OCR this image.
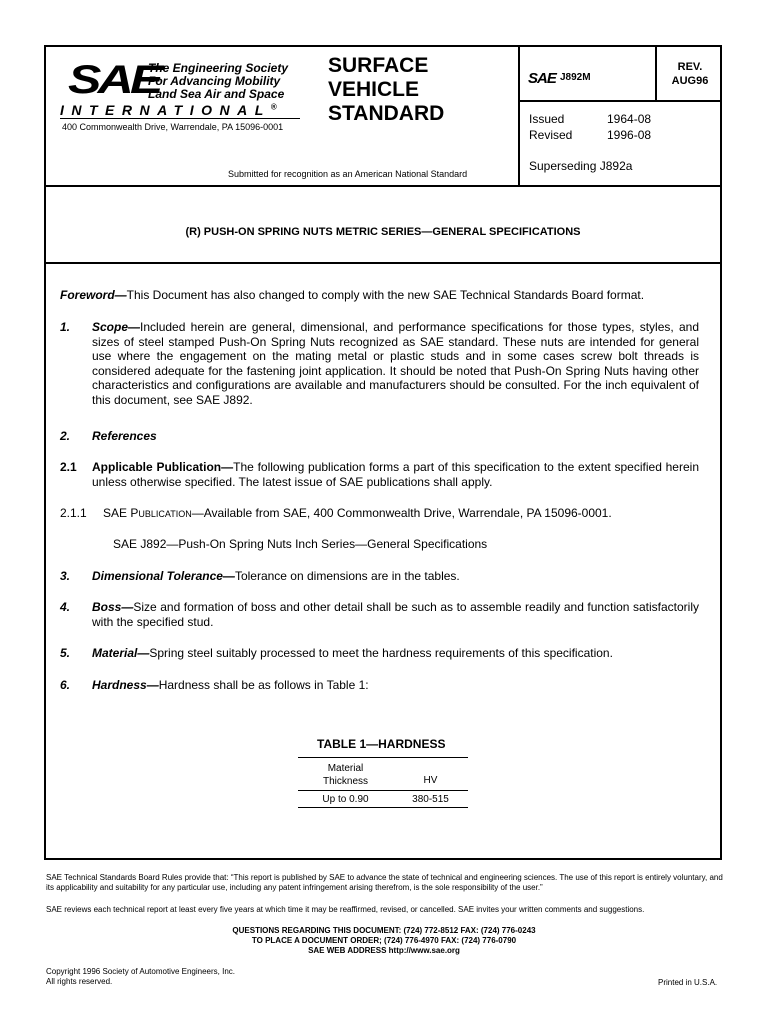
SAE
The Engineering Society
For Advancing Mobility
Land Sea Air and Space
INTERNATIONAL®
400 Commonwealth Drive, Warrendale, PA 15096-0001
SURFACE
VEHICLE
STANDARD
Submitted for recognition as an American National Standard
SAE J892M
REV.
AUG96
Issued	1964-08
Revised	1996-08
Superseding J892a
(R) PUSH-ON SPRING NUTS METRIC SERIES—GENERAL SPECIFICATIONS
Foreword—This Document has also changed to comply with the new SAE Technical Standards Board format.
1. Scope—Included herein are general, dimensional, and performance specifications for those types, styles, and sizes of steel stamped Push-On Spring Nuts recognized as SAE standard. These nuts are intended for general use where the engagement on the mating metal or plastic studs and in some cases screw bolt threads is considered adequate for the fastening joint application. It should be noted that Push-On Spring Nuts having other characteristics and configurations are available and manufacturers should be consulted. For the inch equivalent of this document, see SAE J892.
2. References
2.1 Applicable Publication—The following publication forms a part of this specification to the extent specified herein unless otherwise specified. The latest issue of SAE publications shall apply.
2.1.1 SAE PUBLICATION—Available from SAE, 400 Commonwealth Drive, Warrendale, PA 15096-0001.
SAE J892—Push-On Spring Nuts Inch Series—General Specifications
3. Dimensional Tolerance—Tolerance on dimensions are in the tables.
4. Boss—Size and formation of boss and other detail shall be such as to assemble readily and function satisfactorily with the specified stud.
5. Material—Spring steel suitably processed to meet the hardness requirements of this specification.
6. Hardness—Hardness shall be as follows in Table 1:
TABLE 1—HARDNESS
Material
Thickness	HV
Up to 0.90	380-515
SAE Technical Standards Board Rules provide that: “This report is published by SAE to advance the state of technical and engineering sciences. The use of this report is entirely voluntary, and its applicability and suitability for any particular use, including any patent infringement arising therefrom, is the sole responsibility of the user.”
SAE reviews each technical report at least every five years at which time it may be reaffirmed, revised, or cancelled. SAE invites your written comments and suggestions.
QUESTIONS REGARDING THIS DOCUMENT: (724) 772-8512 FAX: (724) 776-0243
TO PLACE A DOCUMENT ORDER; (724) 776-4970 FAX: (724) 776-0790
SAE WEB ADDRESS http://www.sae.org
Copyright 1996 Society of Automotive Engineers, Inc.
All rights reserved.	Printed in U.S.A.
